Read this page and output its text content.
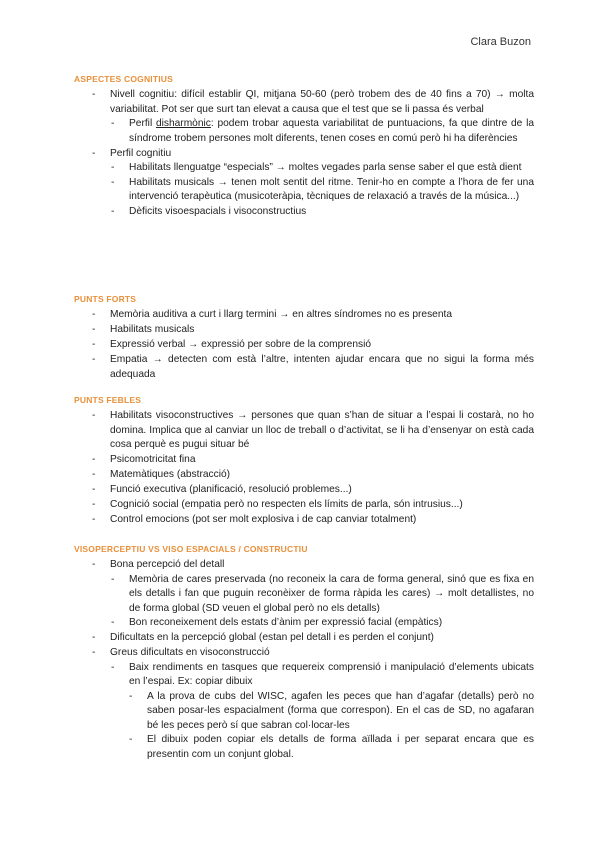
Clara Buzon
ASPECTES COGNITIUS
- Nivell cognitiu: difícil establir QI, mitjana 50-60 (però trobem des de 40 fins a 70) → molta variabilitat. Pot ser que surt tan elevat a causa que el test que se li passa és verbal
- Perfil disharmònic: podem trobar aquesta variabilitat de puntuacions, fa que dintre de la síndrome trobem persones molt diferents, tenen coses en comú però hi ha diferències
- Perfil cognitiu
- Habilitats llenguatge “especials” → moltes vegades parla sense saber el que està dient
- Habilitats musicals → tenen molt sentit del ritme. Tenir-ho en compte a l’hora de fer una intervenció terapèutica (musicoteràpia, tècniques de relaxació a través de la música...)
- Dèficits visoespacials i visoconstructius
PUNTS FORTS
- Memòria auditiva a curt i llarg termini → en altres síndromes no es presenta
- Habilitats musicals
- Expressió verbal → expressió per sobre de la comprensió
- Empatia → detecten com està l’altre, intenten ajudar encara que no sigui la forma més adequada
PUNTS FEBLES
- Habilitats visoconstructives → persones que quan s’han de situar a l’espai li costarà, no ho domina. Implica que al canviar un lloc de treball o d’activitat, se li ha d’ensenyar on està cada cosa perquè es pugui situar bé
- Psicomotricitat fina
- Matemàtiques (abstracció)
- Funció executiva (planificació, resolució problemes...)
- Cognició social (empatia però no respecten els límits de parla, són intrusius...)
- Control emocions (pot ser molt explosiva i de cap canviar totalment)
VISOPERCEPTIU VS VISO ESPACIALS / CONSTRUCTIU
- Bona percepció del detall
- Memòria de cares preservada (no reconeix la cara de forma general, sinó que es fixa en els detalls i fan que puguin reconèixer de forma ràpida les cares) → molt detallistes, no de forma global (SD veuen el global però no els detalls)
- Bon reconeixement dels estats d’ànim per expressió facial (empàtics)
- Dificultats en la percepció global (estan pel detall i es perden el conjunt)
- Greus dificultats en visoconstrucció
- Baix rendiments en tasques que requereix comprensió i manipulació d’elements ubicats en l’espai. Ex: copiar dibuix
- A la prova de cubs del WISC, agafen les peces que han d’agafar (detalls) però no saben posar-les espacialment (forma que correspon). En el cas de SD, no agafaran bé les peces però sí que sabran col·locar-les
- El dibuix poden copiar els detalls de forma aïllada i per separat encara que es presentin com un conjunt global.
